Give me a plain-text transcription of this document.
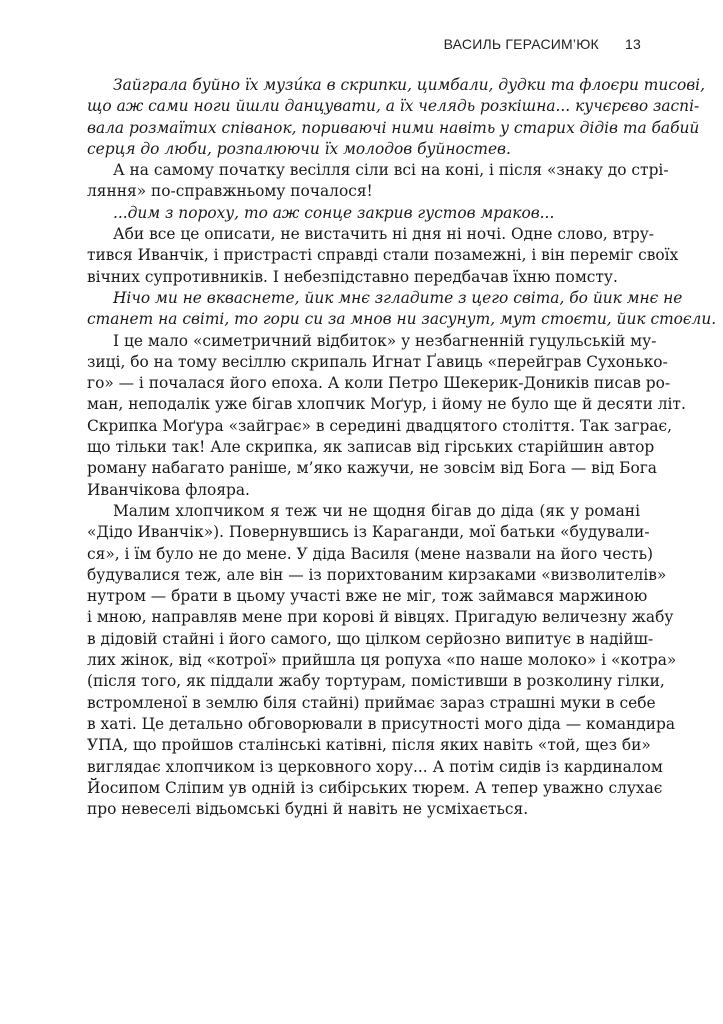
ВАСИЛЬ ГЕРАСИМ’ЮК 13
Зайграла буйно їх музи́ка в скрипки, цимбали, дудки та флоєри тисові,
що аж сами ноги йшли данцувати, а їх челядь розкішна... кучєрєво заспі-
вала розмаїтих співанок, пориваючі ними навіть у старих дідів та бабий
серця до люби, розпалюючи їх молодов буйностев.
А на самому початку весілля сіли всі на коні, і після «знаку до стрі-
ляння» по-справжньому почалося!
...дим з пороху, то аж сонце закрив густов мраков...
Аби все це описати, не вистачить ні дня ні ночі. Одне слово, втру-
тився Иванчік, і пристрасті справді стали позамежні, і він переміг своїх
вічних супротивників. І небезпідставно передбачав їхню помсту.
Нічо ми не вкваснете, йик мнє згладите з цего світа, бо йик мнє не
станет на світі, то гори си за мнов ни засунут, мут стоєти, йик стоєли.
І це мало «симетричний відбиток» у незбагненній гуцульській му-
зиці, бо на тому весіллю скрипаль Игнат Ґавиць «перейграв Сухонько-
го» — і почалася його епоха. А коли Петро Шекерик-Доників писав ро-
ман, неподалік уже бігав хлопчик Моґур, і йому не було ще й десяти літ.
Скрипка Моґура «зайграє» в середині двадцятого століття. Так заграє,
що тільки так! Але скрипка, як записав від гірських старійшин автор
роману набагато раніше, м’яко кажучи, не зовсім від Бога — від Бога
Иванчікова флояра.
Малим хлопчиком я теж чи не щодня бігав до діда (як у романі
«Дідо Иванчік»). Повернувшись із Караганди, мої батьки «будували-
ся», і їм було не до мене. У діда Василя (мене назвали на його честь)
будувалися теж, але він — із порихтованим кирзаками «визволителів»
нутром — брати в цьому участі вже не міг, тож займався маржиною
і мною, направляв мене при корові й вівцях. Пригадую величезну жабу
в дідовій стайні і його самого, що цілком серйозно випитує в надійш-
лих жінок, від «котрої» прийшла ця ропуха «по наше молоко» і «котра»
(після того, як піддали жабу тортурам, помістивши в розколину гілки,
встромленої в землю біля стайні) приймає зараз страшні муки в себе
в хаті. Це детально обговорювали в присутності мого діда — командира
УПА, що пройшов сталінські катівні, після яких навіть «той, щез би»
виглядає хлопчиком із церковного хору... А потім сидів із кардиналом
Йосипом Сліпим ув одній із сибірських тюрем. А тепер уважно слухає
про невеселі відьомські будні й навіть не усміхається.
